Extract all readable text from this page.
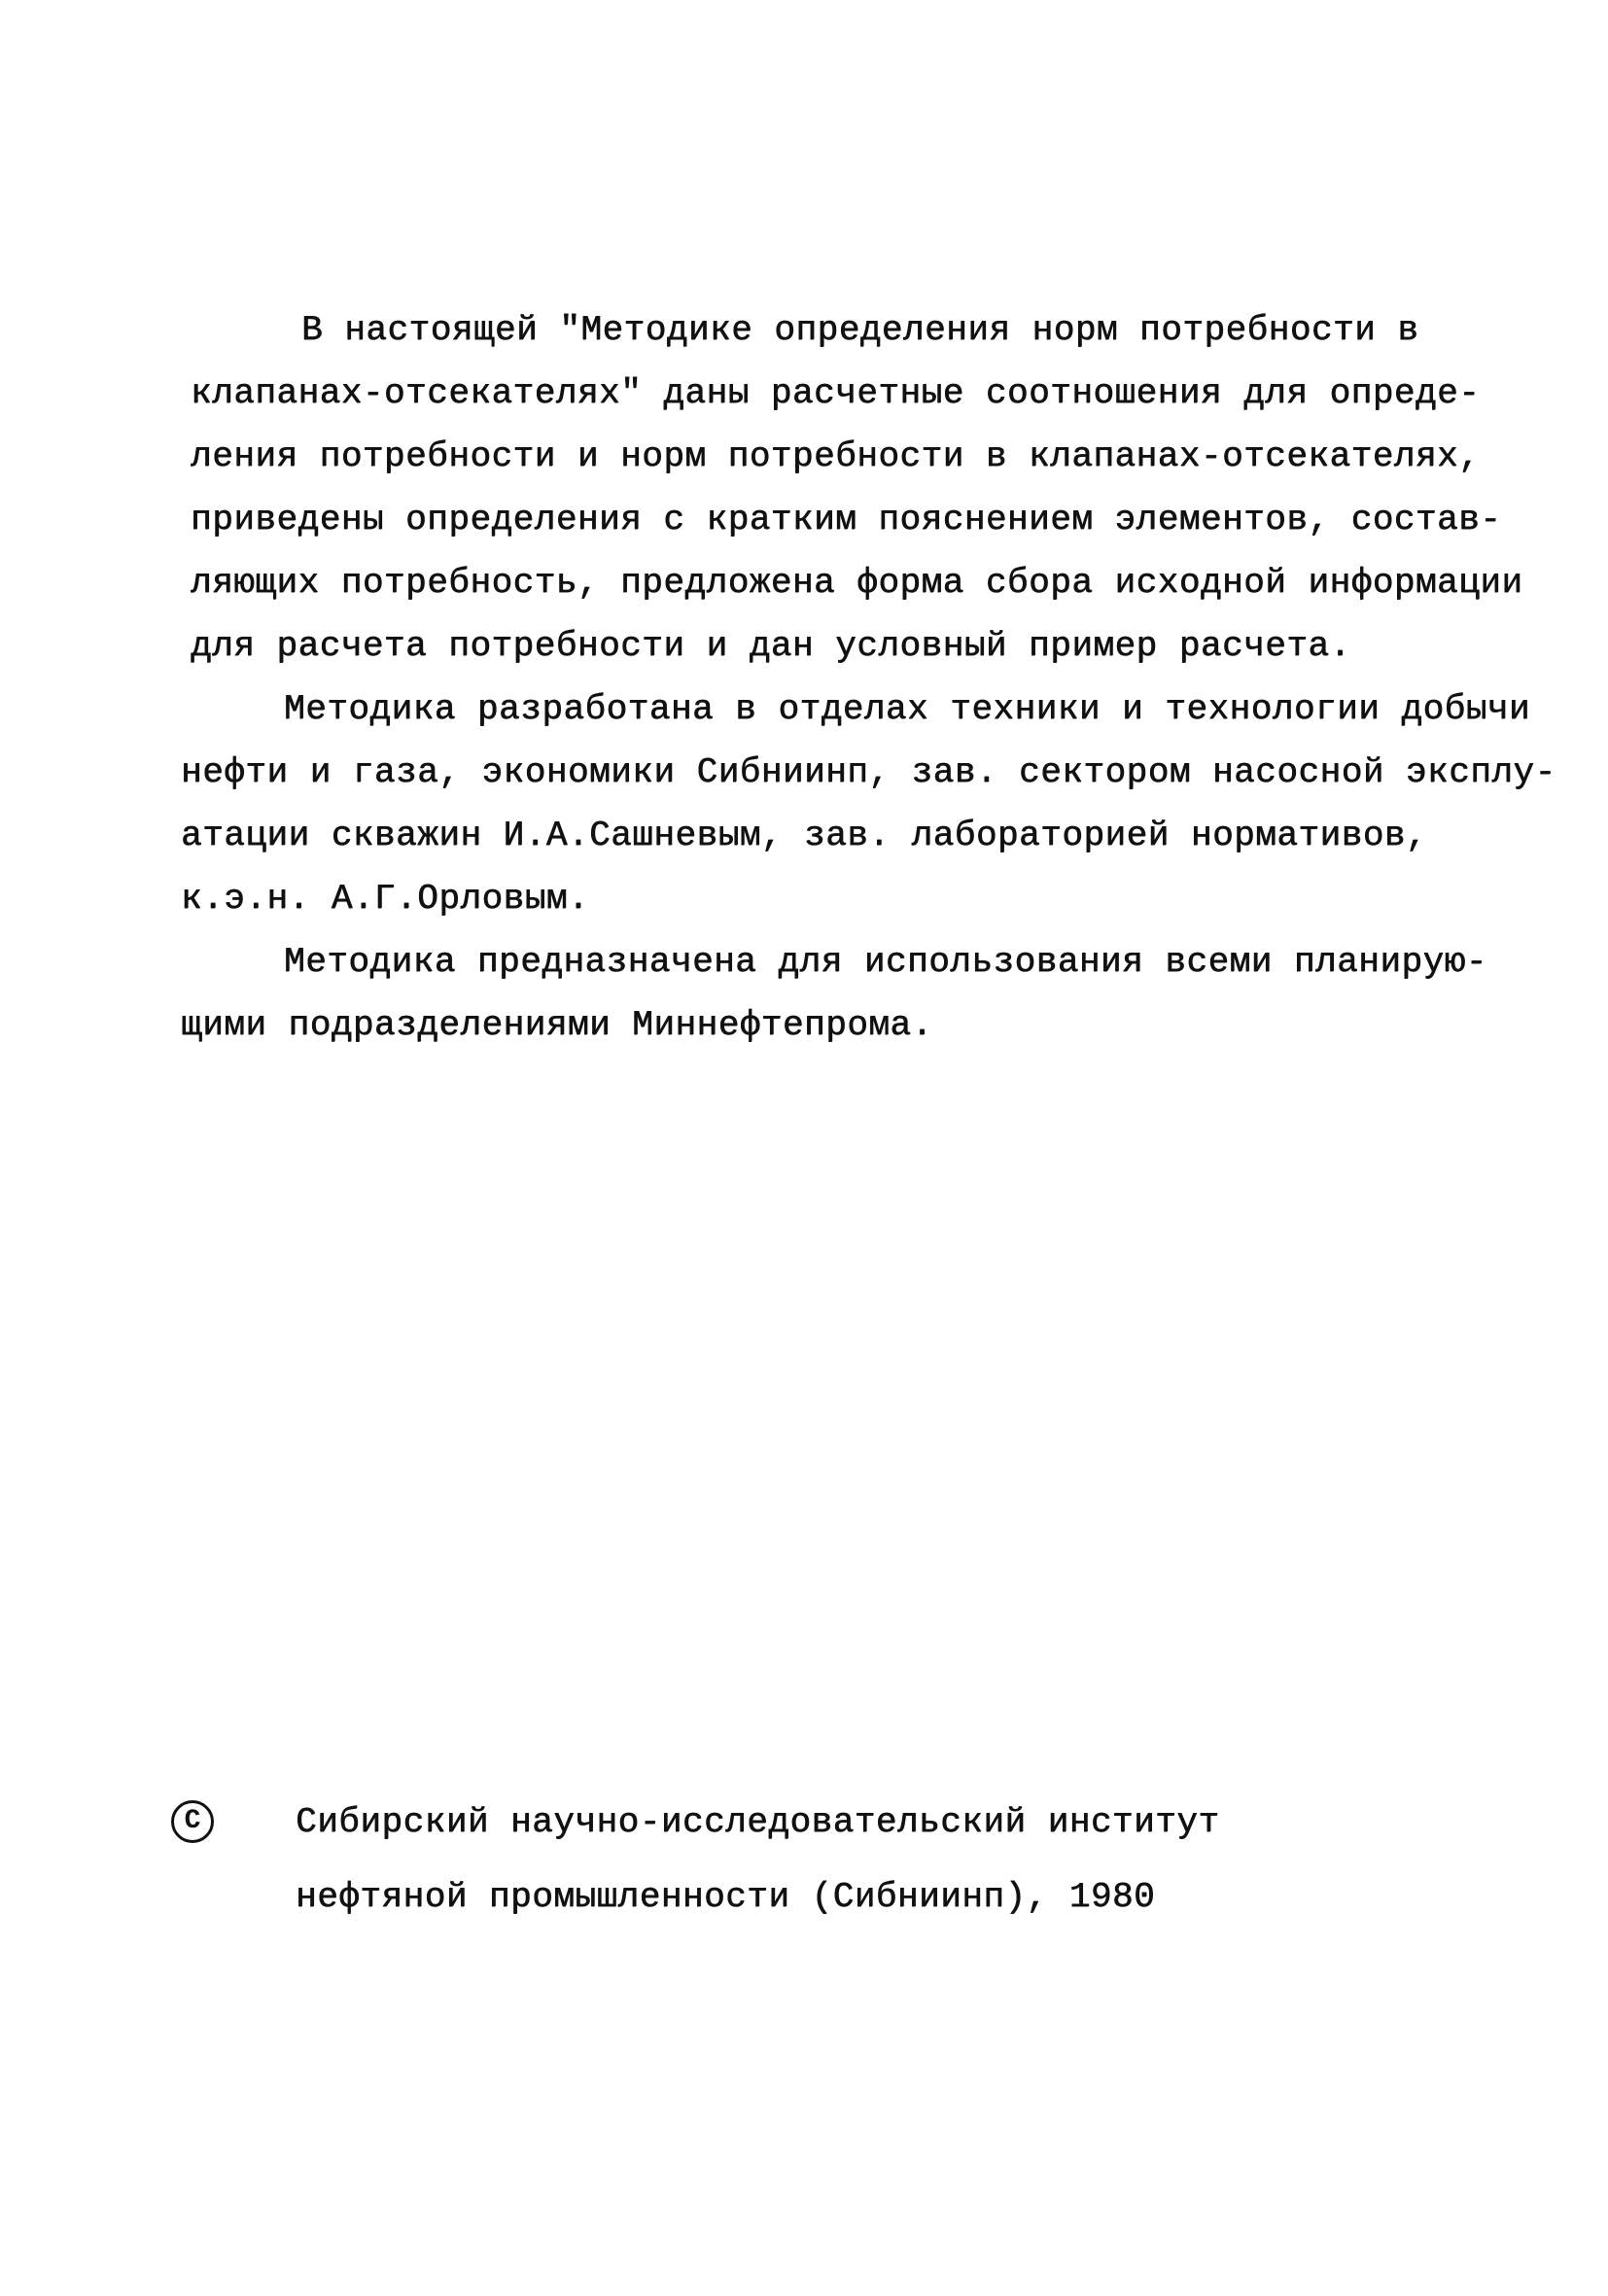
В настоящей "Методике определения норм потребности в
клапанах-отсекателях" даны расчетные соотношения для опреде-
ления потребности и норм потребности в клапанах-отсекателях,
приведены определения с кратким пояснением элементов, состав-
ляющих потребность, предложена форма сбора исходной информации
для расчета потребности и дан условный пример расчета.
Методика разработана в отделах техники и технологии добычи
нефти и газа, экономики Сибниинп, зав. сектором насосной эксплу-
атации скважин И.А.Сашневым, зав. лабораторией нормативов,
к.э.н. А.Г.Орловым.
Методика предназначена для использования всеми планирую-
щими подразделениями Миннефтепрома.
C	Сибирский научно-исследовательский институт
нефтяной промышленности (Сибниинп), 1980
